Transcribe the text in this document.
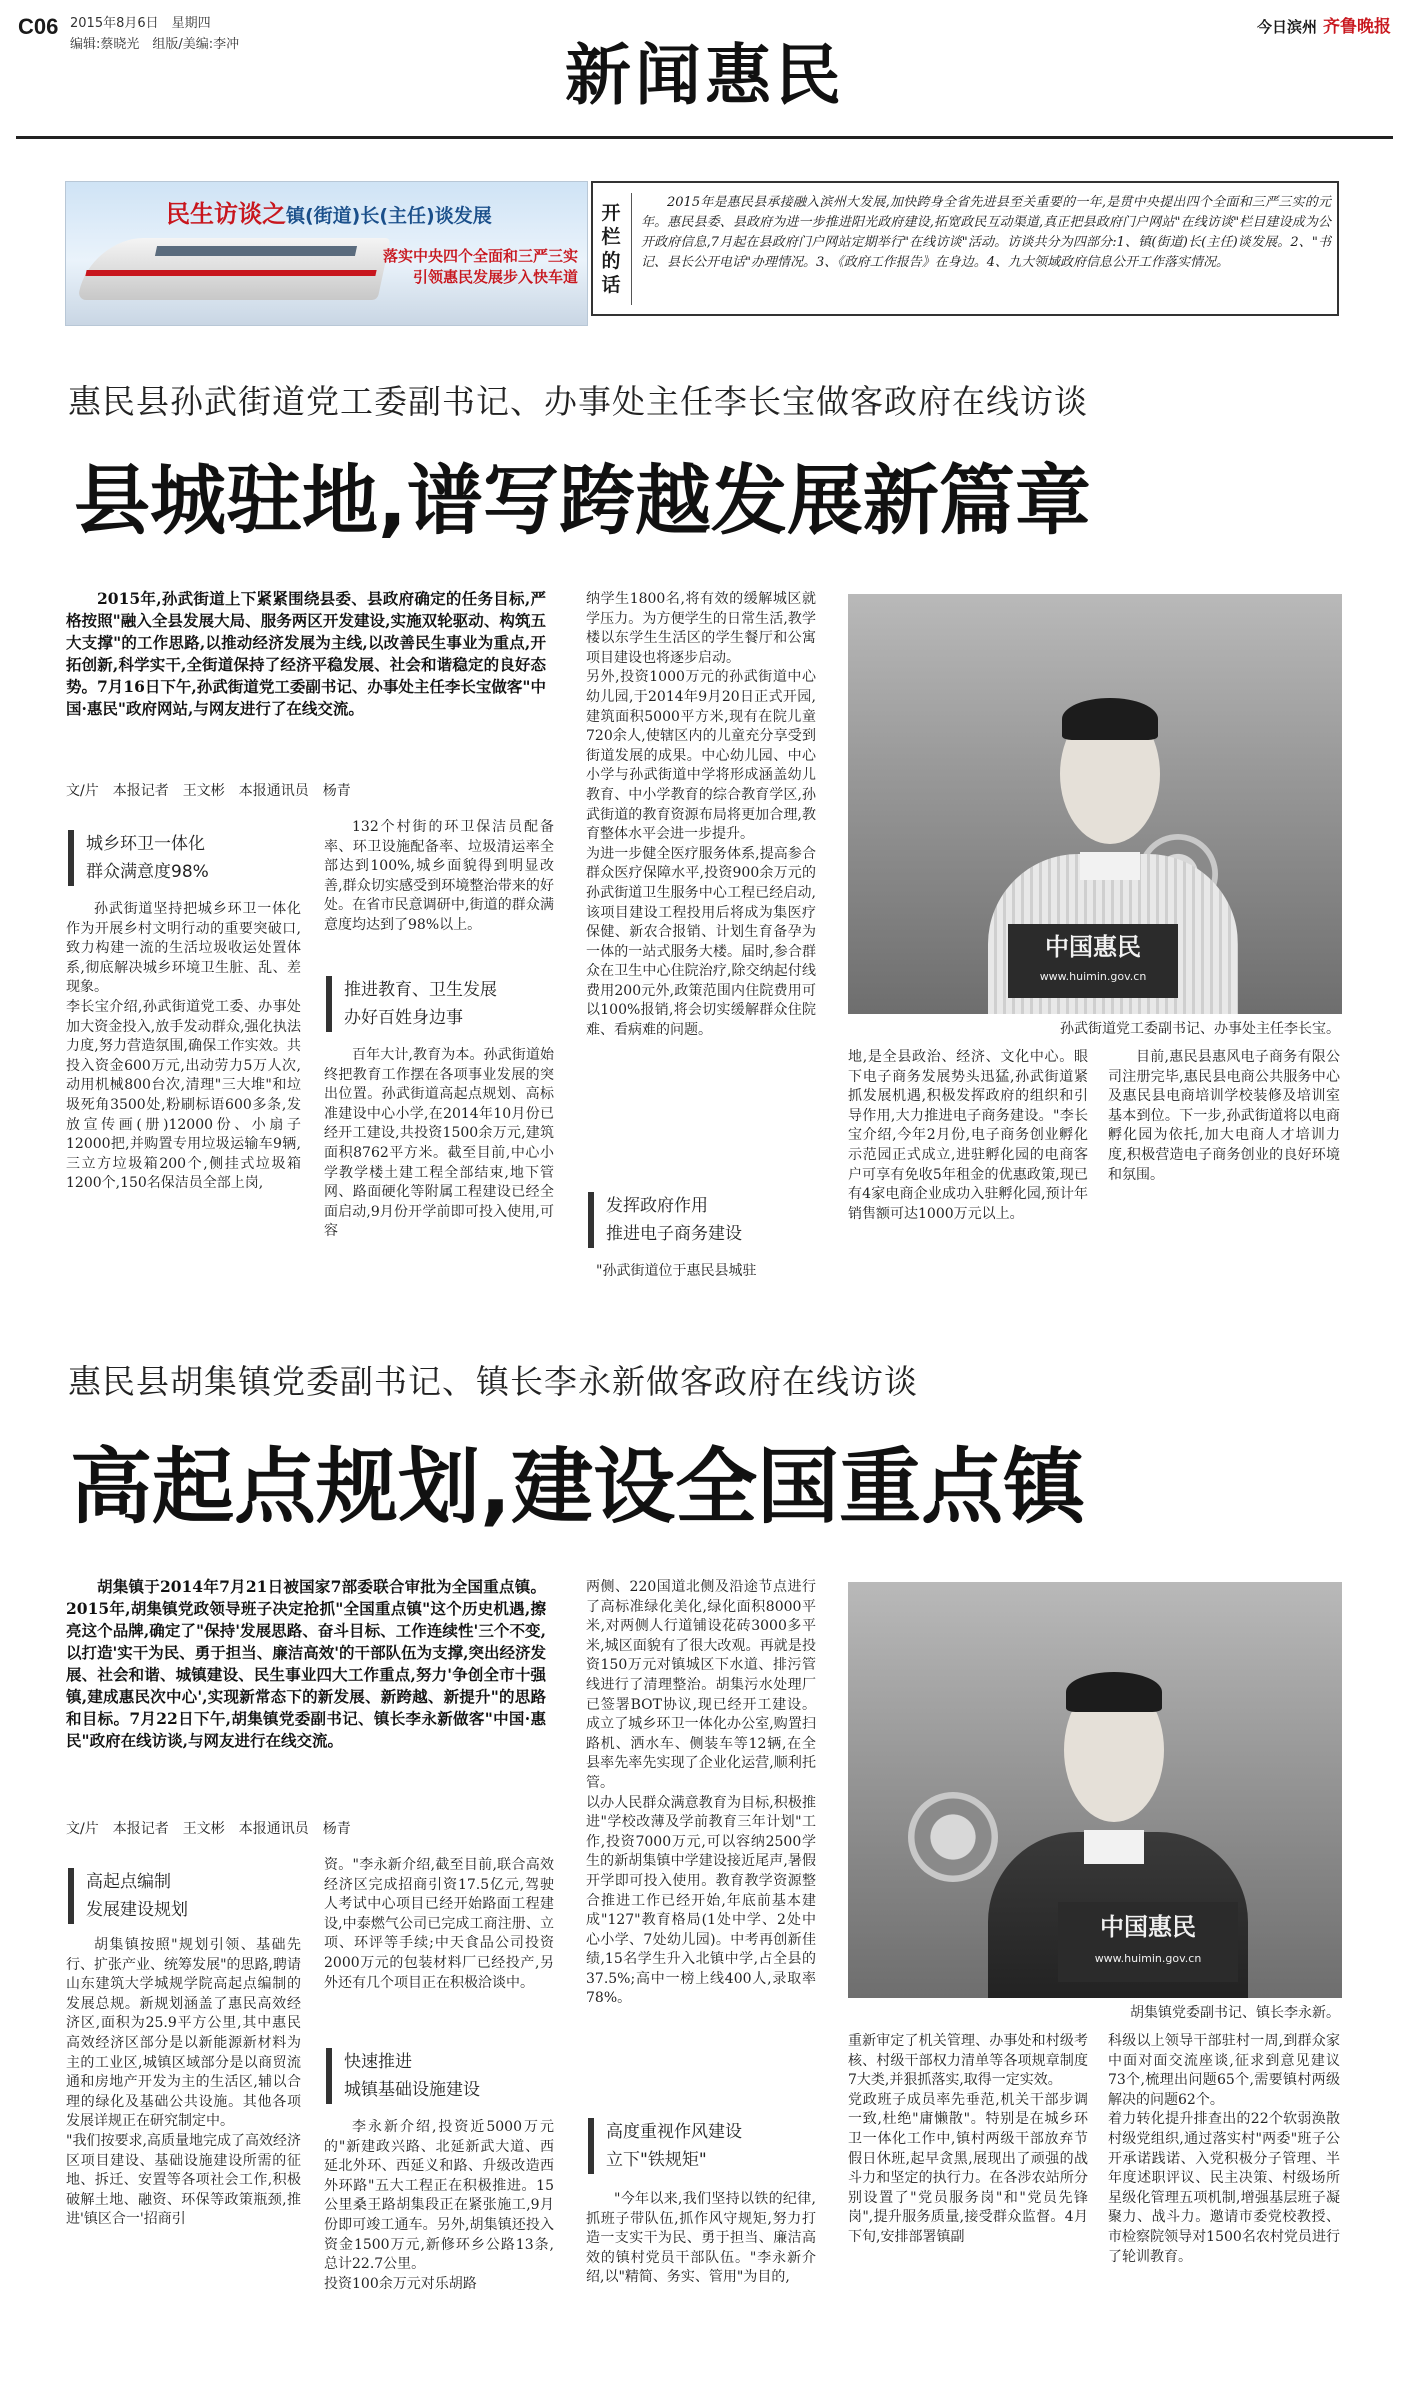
C06 2015年8月6日　星期四
编辑:蔡晓光　组版/美编:李冲	新闻惠民
今日滨州 齐鲁晚报
民生访谈之镇(街道)长(主任)谈发展
落实中央四个全面和三严三实
引领惠民发展步入快车道
开栏的话
2015年是惠民县承接融入滨州大发展,加快跨身全省先进县至关重要的一年,是贯中央提出四个全面和三严三实的元年。惠民县委、县政府为进一步推进阳光政府建设,拓宽政民互动渠道,真正把县政府门户网站"在线访谈"栏目建设成为公开政府信息,7月起在县政府门户网站定期举行"在线访谈"活动。访谈共分为四部分:1、镇(街道)长(主任)谈发展。2、"书记、县长公开电话"办理情况。3、《政府工作报告》在身边。4、九大领域政府信息公开工作落实情况。
惠民县孙武街道党工委副书记、办事处主任李长宝做客政府在线访谈
县城驻地,谱写跨越发展新篇章
2015年,孙武街道上下紧紧围绕县委、县政府确定的任务目标,严格按照"融入全县发展大局、服务两区开发建设,实施双轮驱动、构筑五大支撑"的工作思路,以推动经济发展为主线,以改善民生事业为重点,开拓创新,科学实干,全街道保持了经济平稳发展、社会和谐稳定的良好态势。7月16日下午,孙武街道党工委副书记、办事处主任李长宝做客"中国·惠民"政府网站,与网友进行了在线交流。
文/片　本报记者　王文彬　本报通讯员　杨青
城乡环卫一体化
群众满意度98%
孙武街道坚持把城乡环卫一体化作为开展乡村文明行动的重要突破口,致力构建一流的生活垃圾收运处置体系,彻底解决城乡环境卫生脏、乱、差现象。
李长宝介绍,孙武街道党工委、办事处加大资金投入,放手发动群众,强化执法力度,努力营造氛围,确保工作实效。共投入资金600万元,出动劳力5万人次,动用机械800台次,清理"三大堆"和垃圾死角3500处,粉刷标语600多条,发放宣传画(册)12000份、小扇子12000把,并购置专用垃圾运输车9辆,三立方垃圾箱200个,侧挂式垃圾箱1200个,150名保洁员全部上岗,
132个村街的环卫保洁员配备率、环卫设施配备率、垃圾清运率全部达到100%,城乡面貌得到明显改善,群众切实感受到环境整治带来的好处。在省市民意调研中,街道的群众满意度均达到了98%以上。
推进教育、卫生发展
办好百姓身边事
百年大计,教育为本。孙武街道始终把教育工作摆在各项事业发展的突出位置。孙武街道高起点规划、高标准建设中心小学,在2014年10月份已经开工建设,共投资1500余万元,建筑面积8762平方米。截至目前,中心小学教学楼土建工程全部结束,地下管网、路面硬化等附属工程建设已经全面启动,9月份开学前即可投入使用,可容
纳学生1800名,将有效的缓解城区就学压力。为方便学生的日常生活,教学楼以东学生生活区的学生餐厅和公寓项目建设也将逐步启动。
另外,投资1000万元的孙武街道中心幼儿园,于2014年9月20日正式开园,建筑面积5000平方米,现有在院儿童720余人,使辖区内的儿童充分享受到街道发展的成果。中心幼儿园、中心小学与孙武街道中学将形成涵盖幼儿教育、中小学教育的综合教育学区,孙武街道的教育资源布局将更加合理,教育整体水平会进一步提升。
为进一步健全医疗服务体系,提高参合群众医疗保障水平,投资900余万元的孙武街道卫生服务中心工程已经启动,该项目建设工程投用后将成为集医疗保健、新农合报销、计划生育备孕为一体的一站式服务大楼。届时,参合群众在卫生中心住院治疗,除交纳起付线费用200元外,政策范围内住院费用可以100%报销,将会切实缓解群众住院难、看病难的问题。
发挥政府作用
推进电子商务建设
"孙武街道位于惠民县城驻
中国惠民
www.huimin.gov.cn
孙武街道党工委副书记、办事处主任李长宝。
地,是全县政治、经济、文化中心。眼下电子商务发展势头迅猛,孙武街道紧抓发展机遇,积极发挥政府的组织和引导作用,大力推进电子商务建设。"李长宝介绍,今年2月份,电子商务创业孵化示范园正式成立,进驻孵化园的电商客户可享有免收5年租金的优惠政策,现已有4家电商企业成功入驻孵化园,预计年销售额可达1000万元以上。
目前,惠民县惠风电子商务有限公司注册完毕,惠民县电商公共服务中心及惠民县电商培训学校装修及培训室基本到位。下一步,孙武街道将以电商孵化园为依托,加大电商人才培训力度,积极营造电子商务创业的良好环境和氛围。
惠民县胡集镇党委副书记、镇长李永新做客政府在线访谈
高起点规划,建设全国重点镇
胡集镇于2014年7月21日被国家7部委联合审批为全国重点镇。2015年,胡集镇党政领导班子决定抢抓"全国重点镇"这个历史机遇,擦亮这个品牌,确定了"保持'发展思路、奋斗目标、工作连续性'三个不变,以打造'实干为民、勇于担当、廉洁高效'的干部队伍为支撑,突出经济发展、社会和谐、城镇建设、民生事业四大工作重点,努力'争创全市十强镇,建成惠民次中心',实现新常态下的新发展、新跨越、新提升"的思路和目标。7月22日下午,胡集镇党委副书记、镇长李永新做客"中国·惠民"政府在线访谈,与网友进行在线交流。
文/片　本报记者　王文彬　本报通讯员　杨青
高起点编制
发展建设规划
胡集镇按照"规划引领、基础先行、扩张产业、统筹发展"的思路,聘请山东建筑大学城规学院高起点编制的发展总规。新规划涵盖了惠民高效经济区,面积为25.9平方公里,其中惠民高效经济区部分是以新能源新材料为主的工业区,城镇区域部分是以商贸流通和房地产开发为主的生活区,辅以合理的绿化及基础公共设施。其他各项发展详规正在研究制定中。
"我们按要求,高质量地完成了高效经济区项目建设、基础设施建设所需的征地、拆迁、安置等各项社会工作,积极破解土地、融资、环保等政策瓶颈,推进'镇区合一'招商引
资。"李永新介绍,截至目前,联合高效经济区完成招商引资17.5亿元,驾驶人考试中心项目已经开始路面工程建设,中泰燃气公司已完成工商注册、立项、环评等手续;中天食品公司投资2000万元的包装材料厂已经投产,另外还有几个项目正在积极洽谈中。
快速推进
城镇基础设施建设
李永新介绍,投资近5000万元的"新建政兴路、北延新武大道、西延北外环、西延义和路、升级改造西外环路"五大工程正在积极推进。15公里桑王路胡集段正在紧张施工,9月份即可竣工通车。另外,胡集镇还投入资金1500万元,新修环乡公路13条,总计22.7公里。
投资100余万元对乐胡路
两侧、220国道北侧及沿途节点进行了高标准绿化美化,绿化面积8000平米,对两侧人行道铺设花砖3000多平米,城区面貌有了很大改观。再就是投资150万元对镇城区下水道、排污管线进行了清理整治。胡集污水处理厂已签署BOT协议,现已经开工建设。成立了城乡环卫一体化办公室,购置扫路机、洒水车、侧装车等12辆,在全县率先率先实现了企业化运营,顺利托管。
以办人民群众满意教育为目标,积极推进"学校改薄及学前教育三年计划"工作,投资7000万元,可以容纳2500学生的新胡集镇中学建设接近尾声,暑假开学即可投入使用。教育教学资源整合推进工作已经开始,年底前基本建成"127"教育格局(1处中学、2处中心小学、7处幼儿园)。中考再创新佳绩,15名学生升入北镇中学,占全县的37.5%;高中一榜上线400人,录取率78%。
高度重视作风建设
立下"铁规矩"
"今年以来,我们坚持以铁的纪律,抓班子带队伍,抓作风守规矩,努力打造一支实干为民、勇于担当、廉洁高效的镇村党员干部队伍。"李永新介绍,以"精简、务实、管用"为目的,
中国惠民
www.huimin.gov.cn
胡集镇党委副书记、镇长李永新。
重新审定了机关管理、办事处和村级考核、村级干部权力清单等各项规章制度7大类,并狠抓落实,取得一定实效。
党政班子成员率先垂范,机关干部步调一致,杜绝"庸懒散"。特别是在城乡环卫一体化工作中,镇村两级干部放弃节假日休班,起早贪黑,展现出了顽强的战斗力和坚定的执行力。在各涉农站所分别设置了"党员服务岗"和"党员先锋岗",提升服务质量,接受群众监督。4月下旬,安排部署镇副
科级以上领导干部驻村一周,到群众家中面对面交流座谈,征求到意见建议73个,梳理出问题65个,需要镇村两级解决的问题62个。
着力转化提升排查出的22个软弱涣散村级党组织,通过落实村"两委"班子公开承诺践诺、入党积极分子管理、半年度述职评议、民主决策、村级场所星级化管理五项机制,增强基层班子凝聚力、战斗力。邀请市委党校教授、市检察院领导对1500名农村党员进行了轮训教育。
